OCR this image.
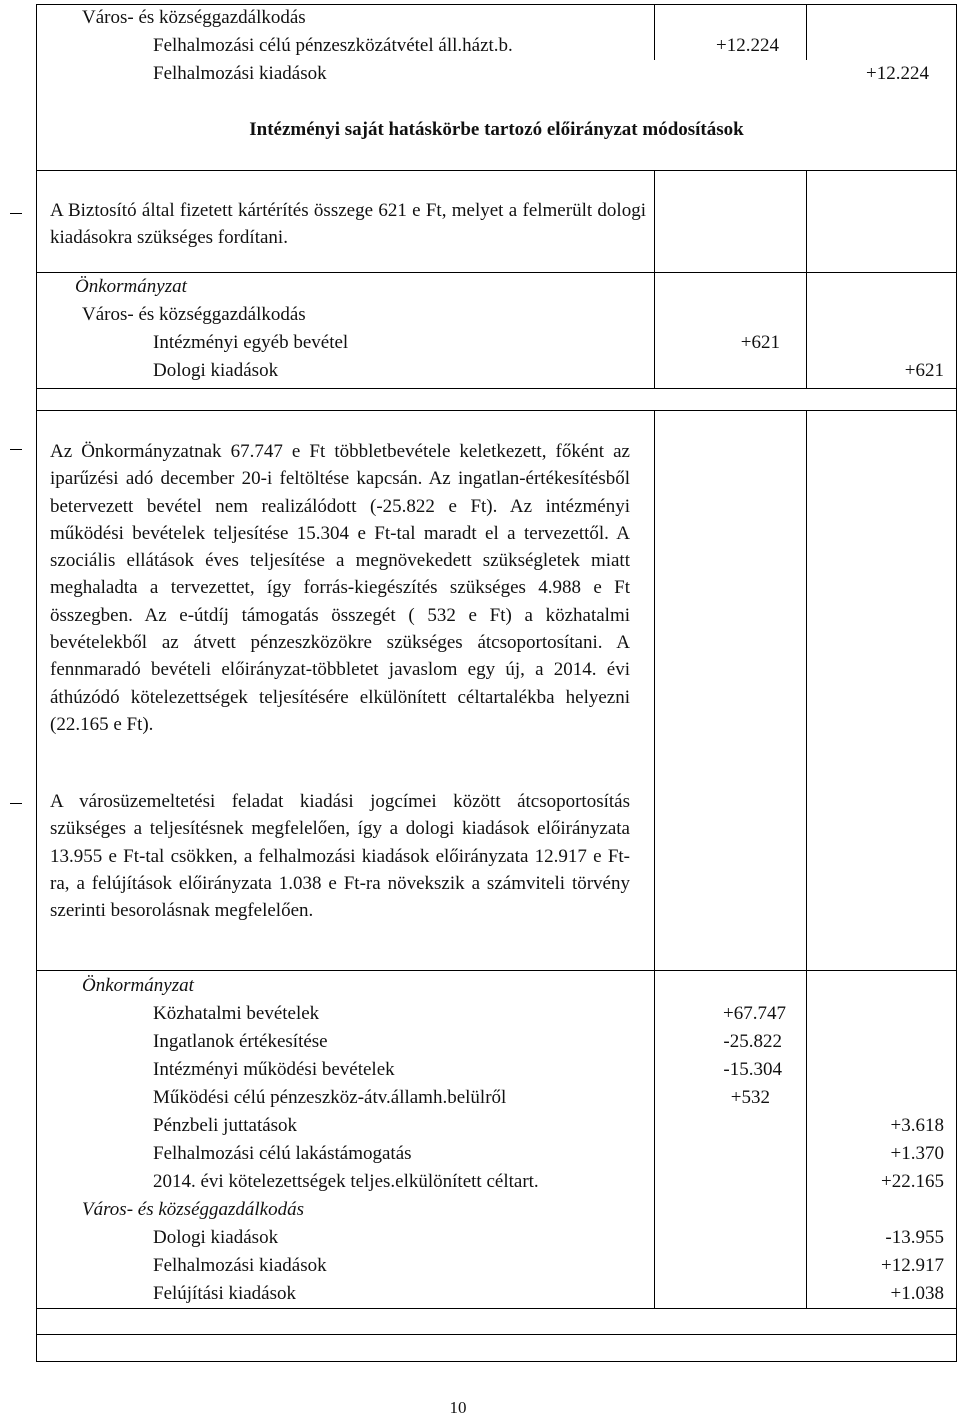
Város- és községgazdálkodás
Felhalmozási célú pénzeszközátvétel áll.házt.b.	+12.224
Felhalmozási kiadások	+12.224
Intézményi saját hatáskörbe tartozó előirányzat módosítások
A Biztosító által fizetett kártérítés összege 621 e Ft, melyet a felmerült dologi kiadásokra szükséges fordítani.
Önkormányzat
Város- és községgazdálkodás
Intézményi egyéb bevétel	+621
Dologi kiadások	+621
Az Önkormányzatnak 67.747 e Ft többletbevétele keletkezett, főként az iparűzési adó december 20-i feltöltése kapcsán. Az ingatlan-értékesítésből betervezett bevétel nem realizálódott (-25.822 e Ft). Az intézményi működési bevételek teljesítése 15.304 e Ft-tal maradt el a tervezettől. A szociális ellátások éves teljesítése a megnövekedett szükségletek miatt meghaladta a tervezettet, így forrás-kiegészítés szükséges 4.988 e Ft összegben. Az e-útdíj támogatás összegét ( 532 e Ft) a közhatalmi bevételekből az átvett pénzeszközökre szükséges átcsoportosítani. A fennmaradó bevételi előirányzat-többletet javaslom egy új, a 2014. évi áthúzódó kötelezettségek teljesítésére elkülönített céltartalékba helyezni (22.165 e Ft).
A városüzemeltetési feladat kiadási jogcímei között átcsoportosítás szükséges a teljesítésnek megfelelően, így a dologi kiadások előirányzata 13.955 e Ft-tal csökken, a felhalmozási kiadások előirányzata 12.917 e Ft-ra, a felújítások előirányzata 1.038 e Ft-ra növekszik a számviteli törvény szerinti besorolásnak megfelelően.
Önkormányzat
Közhatalmi bevételek	+67.747
Ingatlanok értékesítése	-25.822
Intézményi működési bevételek	-15.304
Működési célú pénzeszköz-átv.államh.belülről	+532
Pénzbeli juttatások	+3.618
Felhalmozási célú lakástámogatás	+1.370
2014. évi kötelezettségek teljes.elkülönített céltart.	+22.165
Város- és községgazdálkodás
Dologi kiadások	-13.955
Felhalmozási kiadások	+12.917
Felújítási kiadások	+1.038
10
